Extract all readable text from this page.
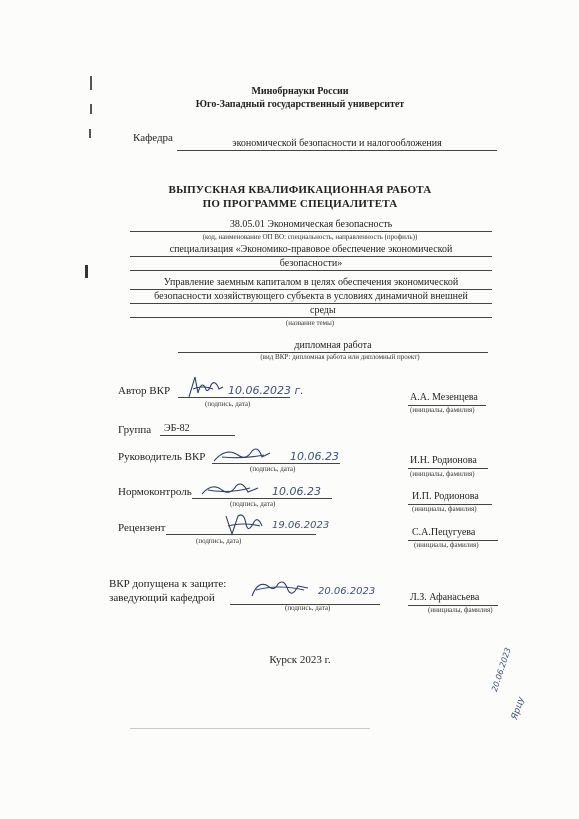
Минобрнауки России
Юго-Западный государственный университет
Кафедра	экономической безопасности и налогообложения
ВЫПУСКНАЯ КВАЛИФИКАЦИОННАЯ РАБОТА
ПО ПРОГРАММЕ СПЕЦИАЛИТЕТА
38.05.01 Экономическая безопасность
(код, наименование ОП ВО: специальность, направленность (профиль))
специализация «Экономико-правовое обеспечение экономической
безопасности»
Управление заемным капиталом в целях обеспечения экономической
безопасности хозяйствующего субъекта в условиях динамичной внешней
среды
(название темы)
дипломная работа
(вид ВКР: дипломная работа или дипломный проект)
Автор ВКР	10.06.2023 г.
(подпись, дата)
А.А. Мезенцева
(инициалы, фамилия)
Группа	ЭБ-82
Руководитель ВКР	10.06.23
(подпись, дата)
И.Н. Родионова
(инициалы, фамилия)
Нормоконтроль	10.06.23
(подпись, дата)
И.П. Родионова
(инициалы, фамилия)
Рецензент	19.06.2023
(подпись, дата)
С.А.Пецугуева
(инициалы, фамилия)
ВКР допущена к защите:
заведующий кафедрой
20.06.2023
(подпись, дата)
Л.З. Афанасьева
(инициалы, фамилия)
Курск 2023 г.	20.06.2023
Ярцу
